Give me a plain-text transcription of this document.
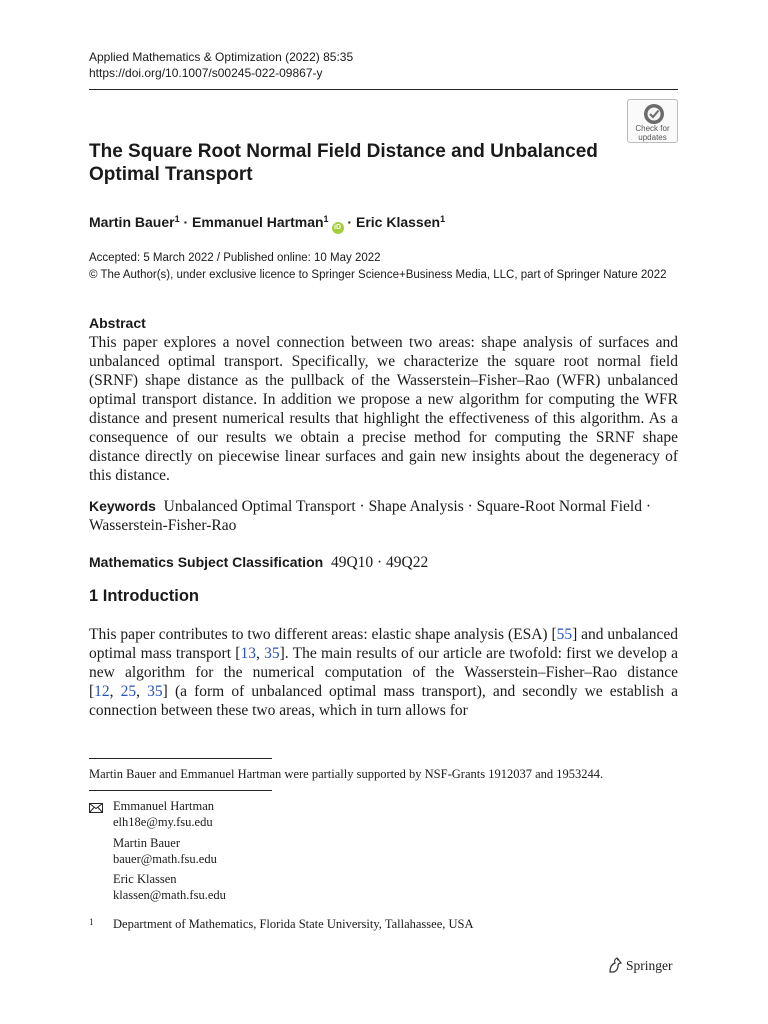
Applied Mathematics & Optimization (2022) 85:35
https://doi.org/10.1007/s00245-022-09867-y
Check for
updates
The Square Root Normal Field Distance and Unbalanced Optimal Transport
Martin Bauer$^1$ · Emmanuel Hartman$^1$iD · Eric Klassen$^1$
Accepted: 5 March 2022 / Published online: 10 May 2022
© The Author(s), under exclusive licence to Springer Science+Business Media, LLC, part of Springer Nature 2022
Abstract
This paper explores a novel connection between two areas: shape analysis of surfaces and unbalanced optimal transport. Specifically, we characterize the square root normal field (SRNF) shape distance as the pullback of the Wasserstein–Fisher–Rao (WFR) unbalanced optimal transport distance. In addition we propose a new algorithm for computing the WFR distance and present numerical results that highlight the effectiveness of this algorithm. As a consequence of our results we obtain a precise method for computing the SRNF shape distance directly on piecewise linear surfaces and gain new insights about the degeneracy of this distance.
Keywords Unbalanced Optimal Transport · Shape Analysis · Square-Root Normal Field · Wasserstein-Fisher-Rao
Mathematics Subject Classification 49Q10 · 49Q22
1 Introduction
This paper contributes to two different areas: elastic shape analysis (ESA) [55] and unbalanced optimal mass transport [13, 35]. The main results of our article are twofold: first we develop a new algorithm for the numerical computation of the Wasserstein–Fisher–Rao distance [12, 25, 35] (a form of unbalanced optimal mass transport), and secondly we establish a connection between these two areas, which in turn allows for
Martin Bauer and Emmanuel Hartman were partially supported by NSF-Grants 1912037 and 1953244.
Emmanuel Hartman
elh18e@my.fsu.edu
Martin Bauer
bauer@math.fsu.edu
Eric Klassen
klassen@math.fsu.edu
1 Department of Mathematics, Florida State University, Tallahassee, USA
Springer
